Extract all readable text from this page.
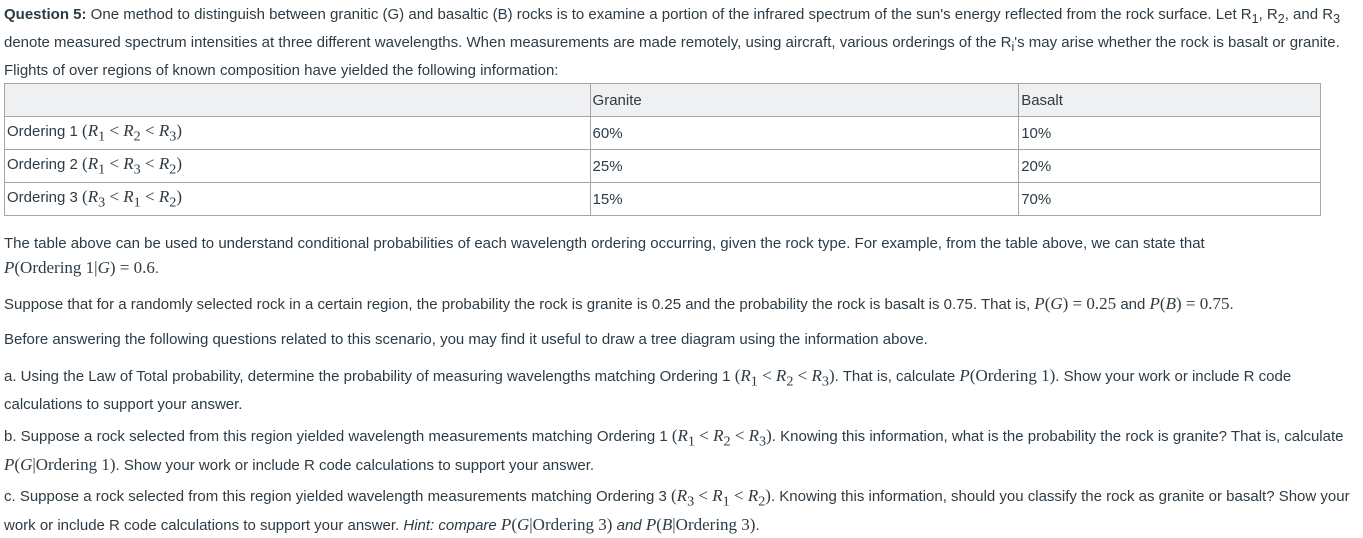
Question 5: One method to distinguish between granitic (G) and basaltic (B) rocks is to examine a portion of the infrared spectrum of the sun's energy reflected from the rock surface. Let $R_1$, $R_2$, and $R_3$ denote measured spectrum intensities at three different wavelengths. When measurements are made remotely, using aircraft, various orderings of the $R_i's$ may arise whether the rock is basalt or granite. Flights of over regions of known composition have yielded the following information:

	Granite	Basalt
Ordering 1 $(R_1 < R_2 < R_3)$	60%	10%
Ordering 2 $(R_1 < R_3 < R_2)$	25%	20%
Ordering 3 $(R_3 < R_1 < R_2)$	15%	70%

The table above can be used to understand conditional probabilities of each wavelength ordering occurring, given the rock type. For example, from the table above, we can state that
P(Ordering 1|G) = 0.6.

Suppose that for a randomly selected rock in a certain region, the probability the rock is granite is 0.25 and the probability the rock is basalt is 0.75. That is, P(G) = 0.25 and P(B) = 0.75.

Before answering the following questions related to this scenario, you may find it useful to draw a tree diagram using the information above.

a. Using the Law of Total probability, determine the probability of measuring wavelengths matching Ordering 1 $(R_1 < R_2 < R_3)$. That is, calculate P(Ordering 1). Show your work or include R code calculations to support your answer.

b. Suppose a rock selected from this region yielded wavelength measurements matching Ordering 1 $(R_1 < R_2 < R_3)$. Knowing this information, what is the probability the rock is granite? That is, calculate P(G|Ordering 1). Show your work or include R code calculations to support your answer.

c. Suppose a rock selected from this region yielded wavelength measurements matching Ordering 3 $(R_3 < R_1 < R_2)$. Knowing this information, should you classify the rock as granite or basalt? Show your work or include R code calculations to support your answer. Hint: compare P(G|Ordering 3) and P(B|Ordering 3).
